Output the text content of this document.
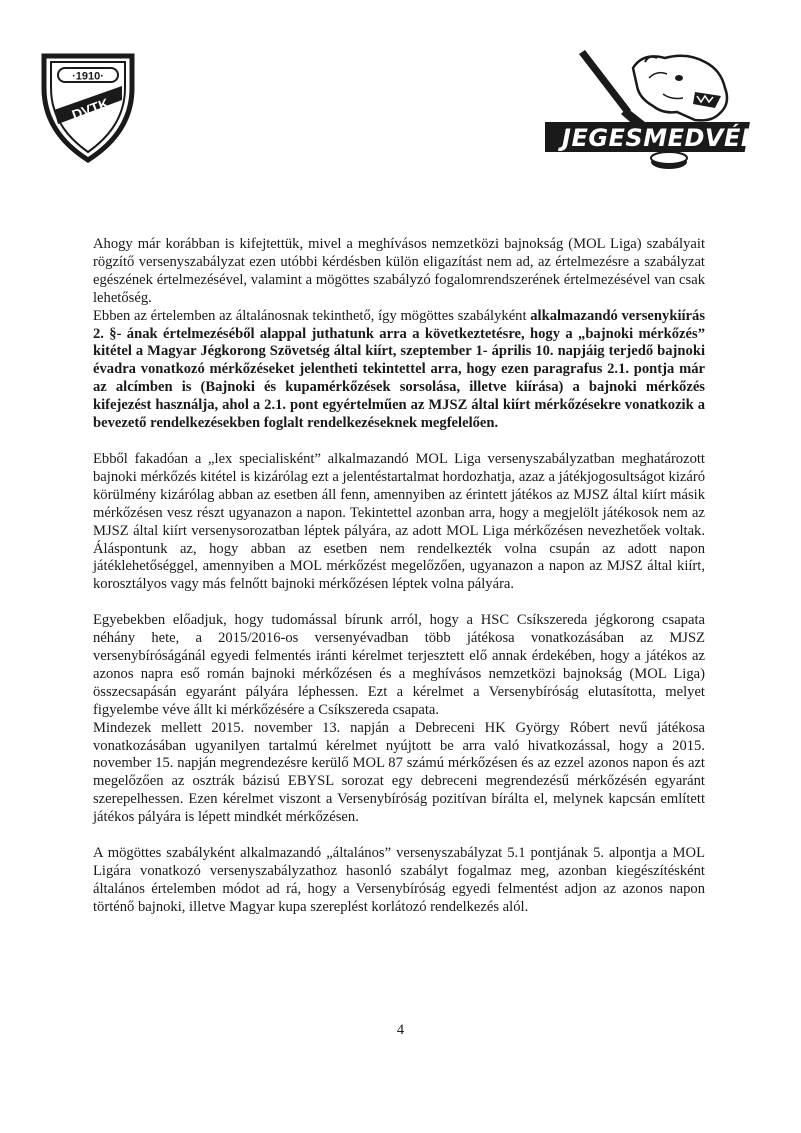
·1910·
DVTK
JEGESMEDVÉK

Ahogy már korábban is kifejtettük, mivel a meghívásos nemzetközi bajnokság (MOL Liga) szabályait rögzítő versenyszabályzat ezen utóbbi kérdésben külön eligazítást nem ad, az értelmezésre a szabályzat egészének értelmezésével, valamint a mögöttes szabályzó fogalomrendszerének értelmezésével van csak lehetőség.

Ebben az értelemben az általánosnak tekinthető, így mögöttes szabályként alkalmazandó versenykiírás 2. §- ának értelmezéséből alappal juthatunk arra a következtetésre, hogy a „bajnoki mérkőzés” kitétel a Magyar Jégkorong Szövetség által kiírt, szeptember 1- április 10. napjáig terjedő bajnoki évadra vonatkozó mérkőzéseket jelentheti tekintettel arra, hogy ezen paragrafus 2.1. pontja már az alcímben is (Bajnoki és kupamérkőzések sorsolása, illetve kiírása) a bajnoki mérkőzés kifejezést használja, ahol a 2.1. pont egyértelműen az MJSZ által kiírt mérkőzésekre vonatkozik a bevezető rendelkezésekben foglalt rendelkezéseknek megfelelően.

Ebből fakadóan a „lex specialisként” alkalmazandó MOL Liga versenyszabályzatban meghatározott bajnoki mérkőzés kitétel is kizárólag ezt a jelentéstartalmat hordozhatja, azaz a játékjogosultságot kizáró körülmény kizárólag abban az esetben áll fenn, amennyiben az érintett játékos az MJSZ által kiírt másik mérkőzésen vesz részt ugyanazon a napon. Tekintettel azonban arra, hogy a megjelölt játékosok nem az MJSZ által kiírt versenysorozatban léptek pályára, az adott MOL Liga mérkőzésen nevezhetőek voltak. Áláspontunk az, hogy abban az esetben nem rendelkezték volna csupán az adott napon játéklehetőséggel, amennyiben a MOL mérkőzést megelőzően, ugyanazon a napon az MJSZ által kiírt, korosztályos vagy más felnőtt bajnoki mérkőzésen léptek volna pályára.

Egyebekben előadjuk, hogy tudomással bírunk arról, hogy a HSC Csíkszereda jégkorong csapata néhány hete, a 2015/2016-os versenyévadban több játékosa vonatkozásában az MJSZ versenybíróságánál egyedi felmentés iránti kérelmet terjesztett elő annak érdekében, hogy a játékos az azonos napra eső román bajnoki mérkőzésen és a meghívásos nemzetközi bajnokság (MOL Liga) összecsapásán egyaránt pályára léphessen. Ezt a kérelmet a Versenybíróság elutasította, melyet figyelembe véve állt ki mérkőzésére a Csíkszereda csapata.

Mindezek mellett 2015. november 13. napján a Debreceni HK György Róbert nevű játékosa vonatkozásában ugyanilyen tartalmú kérelmet nyújtott be arra való hivatkozással, hogy a 2015. november 15. napján megrendezésre kerülő MOL 87 számú mérkőzésen és az ezzel azonos napon és azt megelőzően az osztrák bázisú EBYSL sorozat egy debreceni megrendezésű mérkőzésén egyaránt szerepelhessen. Ezen kérelmet viszont a Versenybíróság pozitívan bírálta el, melynek kapcsán említett játékos pályára is lépett mindkét mérkőzésen.

A mögöttes szabályként alkalmazandó „általános” versenyszabályzat 5.1 pontjának 5. alpontja a MOL Ligára vonatkozó versenyszabályzathoz hasonló szabályt fogalmaz meg, azonban kiegészítésként általános értelemben módot ad rá, hogy a Versenybíróság egyedi felmentést adjon az azonos napon történő bajnoki, illetve Magyar kupa szereplést korlátozó rendelkezés alól.

4
